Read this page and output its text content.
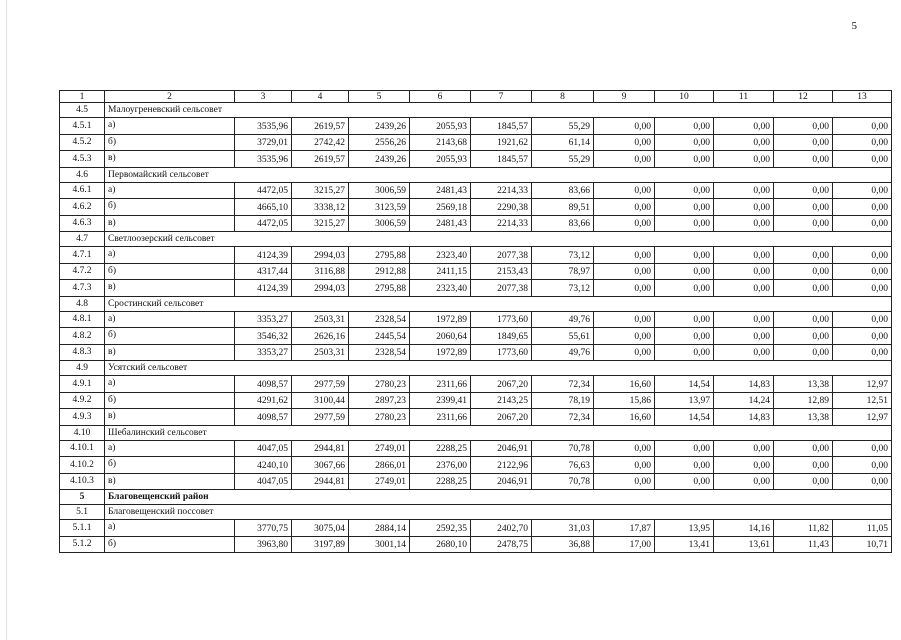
5
1	2	3	4	5	6	7	8	9	10	11	12	13
4.5	Малоугреневский сельсовет											
4.5.1	а)	3535,96	2619,57	2439,26	2055,93	1845,57	55,29	0,00	0,00	0,00	0,00	0,00
4.5.2	б)	3729,01	2742,42	2556,26	2143,68	1921,62	61,14	0,00	0,00	0,00	0,00	0,00
4.5.3	в)	3535,96	2619,57	2439,26	2055,93	1845,57	55,29	0,00	0,00	0,00	0,00	0,00
4.6	Первомайский сельсовет											
4.6.1	а)	4472,05	3215,27	3006,59	2481,43	2214,33	83,66	0,00	0,00	0,00	0,00	0,00
4.6.2	б)	4665,10	3338,12	3123,59	2569,18	2290,38	89,51	0,00	0,00	0,00	0,00	0,00
4.6.3	в)	4472,05	3215,27	3006,59	2481,43	2214,33	83,66	0,00	0,00	0,00	0,00	0,00
4.7	Светлоозерский сельсовет											
4.7.1	а)	4124,39	2994,03	2795,88	2323,40	2077,38	73,12	0,00	0,00	0,00	0,00	0,00
4.7.2	б)	4317,44	3116,88	2912,88	2411,15	2153,43	78,97	0,00	0,00	0,00	0,00	0,00
4.7.3	в)	4124,39	2994,03	2795,88	2323,40	2077,38	73,12	0,00	0,00	0,00	0,00	0,00
4.8	Сростинский сельсовет											
4.8.1	а)	3353,27	2503,31	2328,54	1972,89	1773,60	49,76	0,00	0,00	0,00	0,00	0,00
4.8.2	б)	3546,32	2626,16	2445,54	2060,64	1849,65	55,61	0,00	0,00	0,00	0,00	0,00
4.8.3	в)	3353,27	2503,31	2328,54	1972,89	1773,60	49,76	0,00	0,00	0,00	0,00	0,00
4.9	Усятский сельсовет											
4.9.1	а)	4098,57	2977,59	2780,23	2311,66	2067,20	72,34	16,60	14,54	14,83	13,38	12,97
4.9.2	б)	4291,62	3100,44	2897,23	2399,41	2143,25	78,19	15,86	13,97	14,24	12,89	12,51
4.9.3	в)	4098,57	2977,59	2780,23	2311,66	2067,20	72,34	16,60	14,54	14,83	13,38	12,97
4.10	Шебалинский сельсовет											
4.10.1	а)	4047,05	2944,81	2749,01	2288,25	2046,91	70,78	0,00	0,00	0,00	0,00	0,00
4.10.2	б)	4240,10	3067,66	2866,01	2376,00	2122,96	76,63	0,00	0,00	0,00	0,00	0,00
4.10.3	в)	4047,05	2944,81	2749,01	2288,25	2046,91	70,78	0,00	0,00	0,00	0,00	0,00
5	Благовещенский район											
5.1	Благовещенский поссовет											
5.1.1	а)	3770,75	3075,04	2884,14	2592,35	2402,70	31,03	17,87	13,95	14,16	11,82	11,05
5.1.2	б)	3963,80	3197,89	3001,14	2680,10	2478,75	36,88	17,00	13,41	13,61	11,43	10,71
